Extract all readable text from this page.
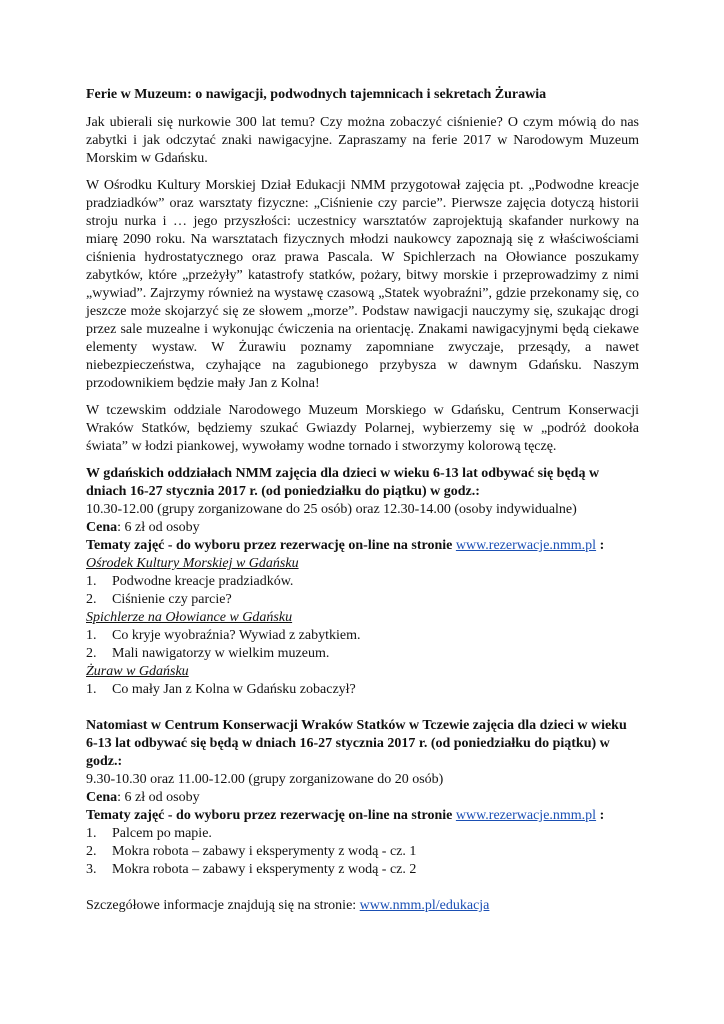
Ferie w Muzeum: o nawigacji, podwodnych tajemnicach i sekretach Żurawia

Jak ubierali się nurkowie 300 lat temu? Czy można zobaczyć ciśnienie? O czym mówią do nas zabytki i jak odczytać znaki nawigacyjne. Zapraszamy na ferie 2017 w Narodowym Muzeum Morskim w Gdańsku.

W Ośrodku Kultury Morskiej Dział Edukacji NMM przygotował zajęcia pt. „Podwodne kreacje pradziadków” oraz warsztaty fizyczne: „Ciśnienie czy parcie”. Pierwsze zajęcia dotyczą historii stroju nurka i … jego przyszłości: uczestnicy warsztatów zaprojektują skafander nurkowy na miarę 2090 roku. Na warsztatach fizycznych młodzi naukowcy zapoznają się z właściwościami ciśnienia hydrostatycznego oraz prawa Pascala. W Spichlerzach na Ołowiance poszukamy zabytków, które „przeżyły” katastrofy statków, pożary, bitwy morskie i przeprowadzimy z nimi „wywiad”. Zajrzymy również na wystawę czasową „Statek wyobraźni”, gdzie przekonamy się, co jeszcze może skojarzyć się ze słowem „morze”. Podstaw nawigacji nauczymy się, szukając drogi przez sale muzealne i wykonując ćwiczenia na orientację. Znakami nawigacyjnymi będą ciekawe elementy wystaw. W Żurawiu poznamy zapomniane zwyczaje, przesądy, a nawet niebezpieczeństwa, czyhające na zagubionego przybysza w dawnym Gdańsku. Naszym przodownikiem będzie mały Jan z Kolna!

W tczewskim oddziale Narodowego Muzeum Morskiego w Gdańsku, Centrum Konserwacji Wraków Statków, będziemy szukać Gwiazdy Polarnej, wybierzemy się w „podróż dookoła świata” w łodzi piankowej, wywołamy wodne tornado i stworzymy kolorową tęczę.

W gdańskich oddziałach NMM zajęcia dla dzieci w wieku 6-13 lat odbywać się będą w dniach 16-27 stycznia 2017 r. (od poniedziałku do piątku) w godz.:
10.30-12.00 (grupy zorganizowane do 25 osób) oraz 12.30-14.00 (osoby indywidualne)
Cena: 6 zł od osoby
Tematy zajęć - do wyboru przez rezerwację on-line na stronie www.rezerwacje.nmm.pl :
Ośrodek Kultury Morskiej w Gdańsku
1.	Podwodne kreacje pradziadków.
2.	Ciśnienie czy parcie?
Spichlerze na Ołowiance w Gdańsku
1.	Co kryje wyobraźnia? Wywiad z zabytkiem.
2.	Mali nawigatorzy w wielkim muzeum.
Żuraw w Gdańsku
1.	Co mały Jan z Kolna w Gdańsku zobaczył?
Natomiast w Centrum Konserwacji Wraków Statków w Tczewie zajęcia dla dzieci w wieku 6-13 lat odbywać się będą w dniach 16-27 stycznia 2017 r. (od poniedziałku do piątku) w godz.:
9.30-10.30 oraz 11.00-12.00 (grupy zorganizowane do 20 osób)
Cena: 6 zł od osoby
Tematy zajęć - do wyboru przez rezerwację on-line na stronie www.rezerwacje.nmm.pl :
1.	Palcem po mapie.
2.	Mokra robota – zabawy i eksperymenty z wodą - cz. 1
3.	Mokra robota – zabawy i eksperymenty z wodą - cz. 2
Szczegółowe informacje znajdują się na stronie: www.nmm.pl/edukacja
